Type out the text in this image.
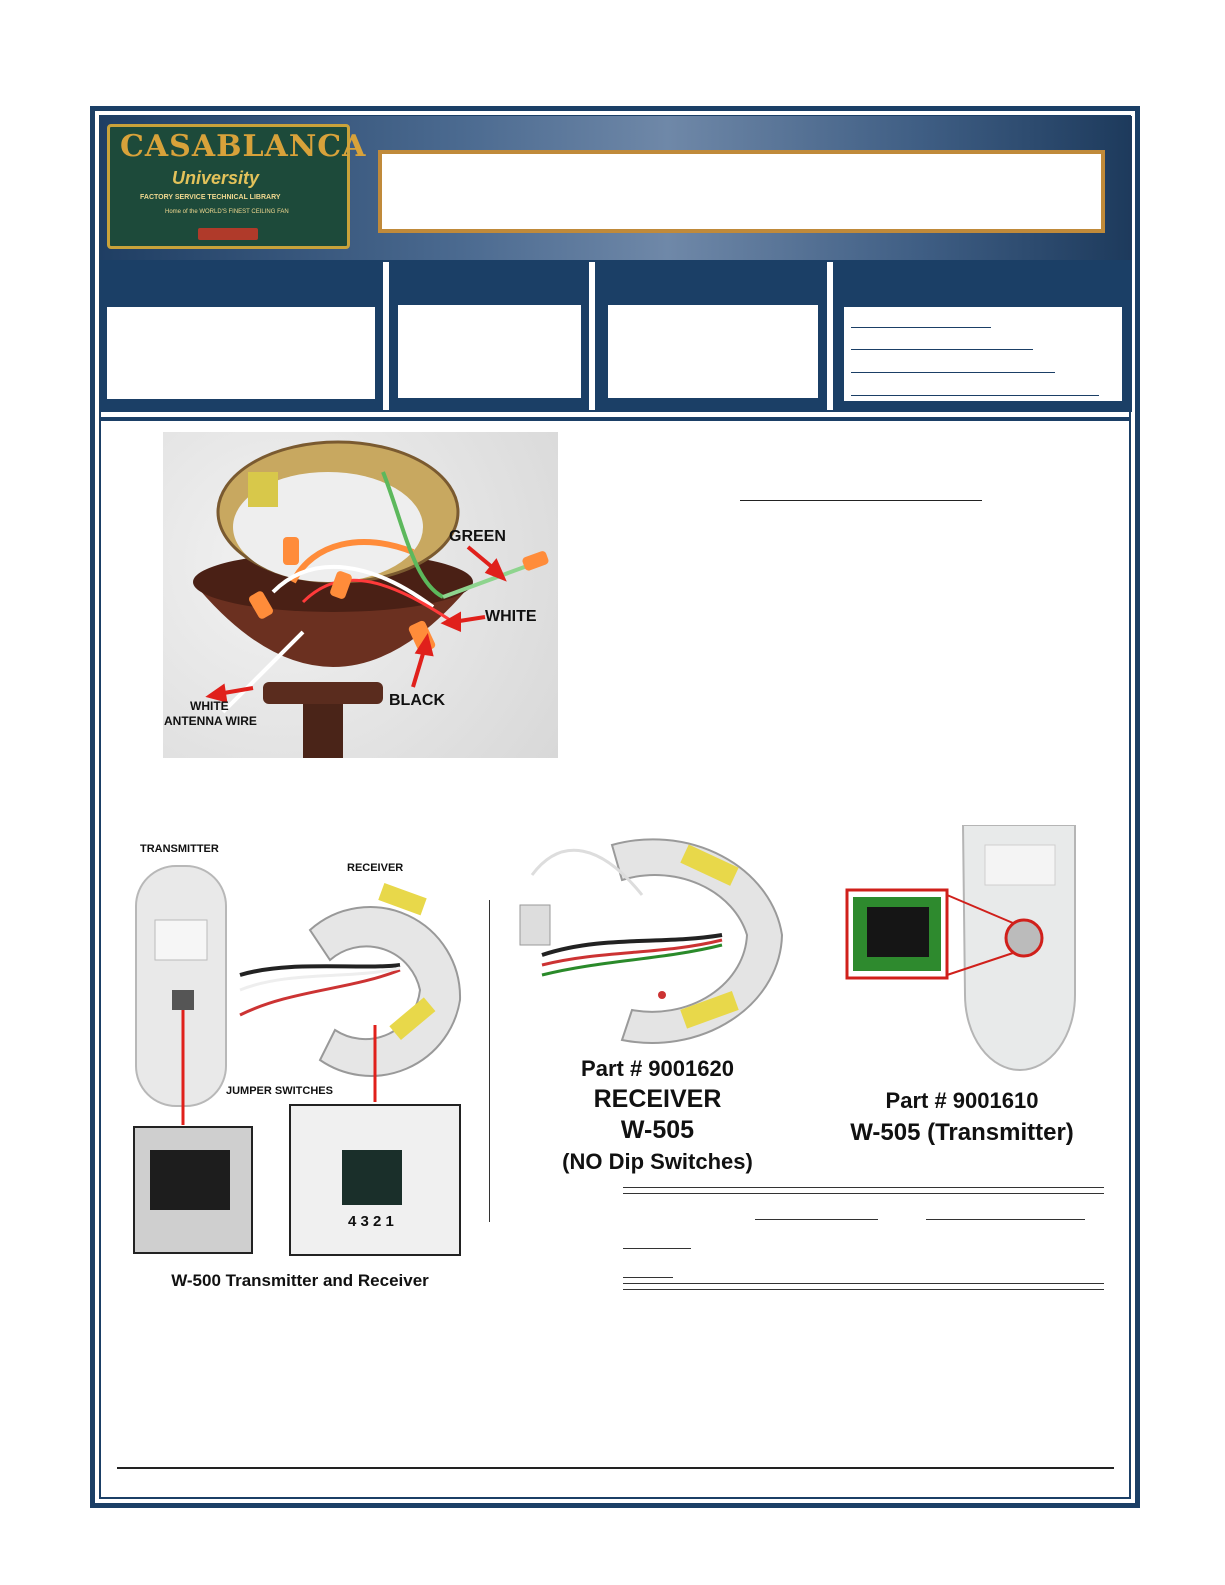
CASABLANCA
University
FACTORY SERVICE TECHNICAL LIBRARY
Home of the WORLD'S FINEST CEILING FAN
GREEN
WHITE
BLACK
WHITE
ANTENNA WIRE
TRANSMITTER
RECEIVER
JUMPER SWITCHES
4 3 2 1
W-500 Transmitter and Receiver
Part # 9001620
RECEIVER
W-505
(NO Dip Switches)
Part # 9001610
W-505 (Transmitter)
